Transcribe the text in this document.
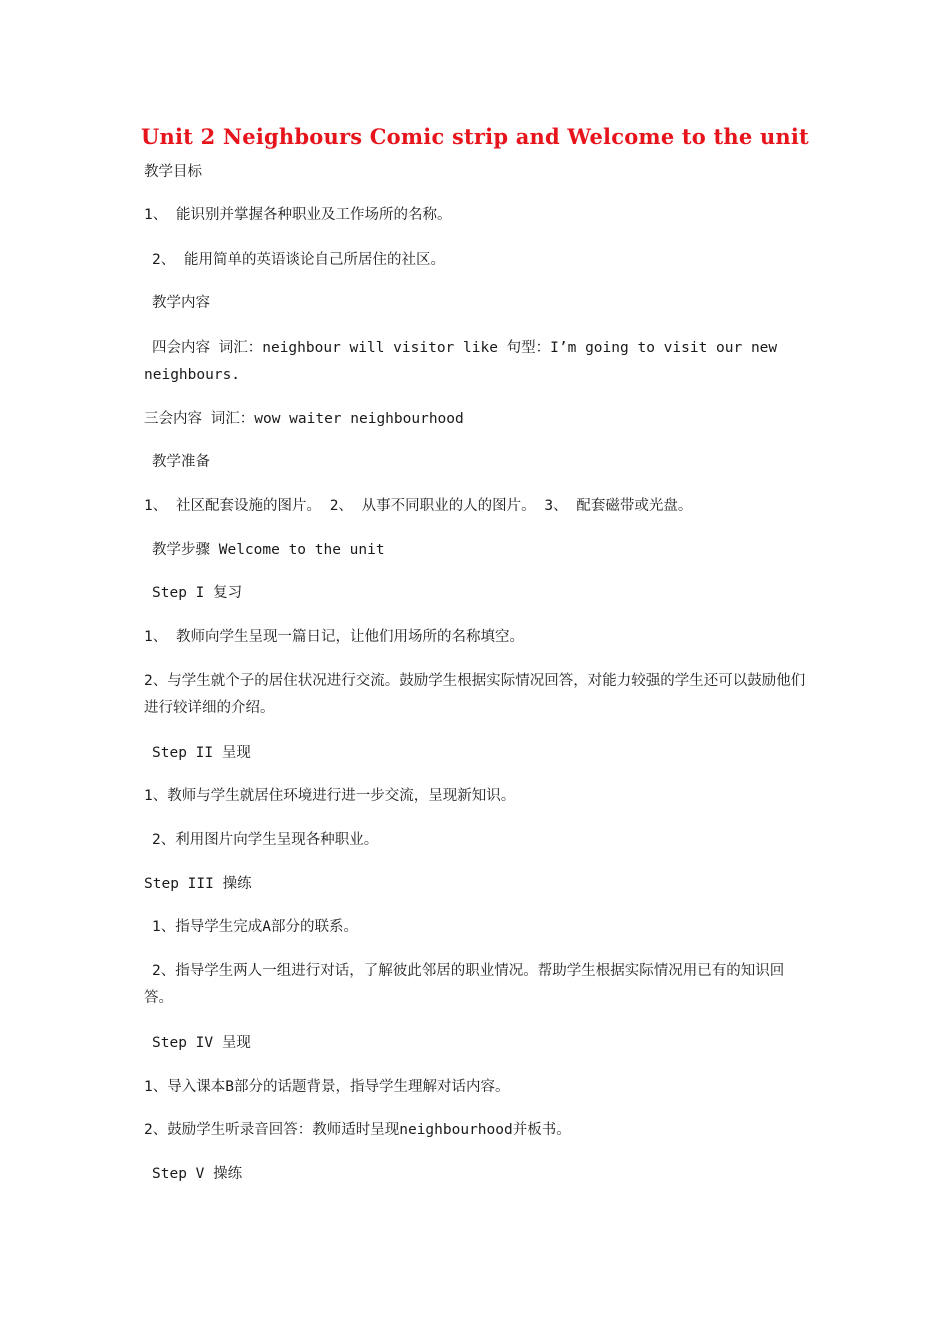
Unit 2 Neighbours Comic strip and Welcome to the unit
教学目标
1、 能识别并掌握各种职业及工作场所的名称。
2、 能用简单的英语谈论自己所居住的社区。
教学内容
四会内容 词汇：neighbour will visitor like 句型：I’m going to visit our new neighbours.
三会内容 词汇：wow waiter neighbourhood
教学准备
1、 社区配套设施的图片。 2、 从事不同职业的人的图片。 3、 配套磁带或光盘。
教学步骤 Welcome to the unit
Step I 复习
1、 教师向学生呈现一篇日记，让他们用场所的名称填空。
2、与学生就个子的居住状况进行交流。鼓励学生根据实际情况回答，对能力较强的学生还可以鼓励他们进行较详细的介绍。
Step II 呈现
1、教师与学生就居住环境进行进一步交流，呈现新知识。
2、利用图片向学生呈现各种职业。
Step III 操练
1、指导学生完成A部分的联系。
2、指导学生两人一组进行对话，了解彼此邻居的职业情况。帮助学生根据实际情况用已有的知识回答。
Step IV 呈现
1、导入课本B部分的话题背景，指导学生理解对话内容。
2、鼓励学生听录音回答：教师适时呈现neighbourhood并板书。
Step V 操练
